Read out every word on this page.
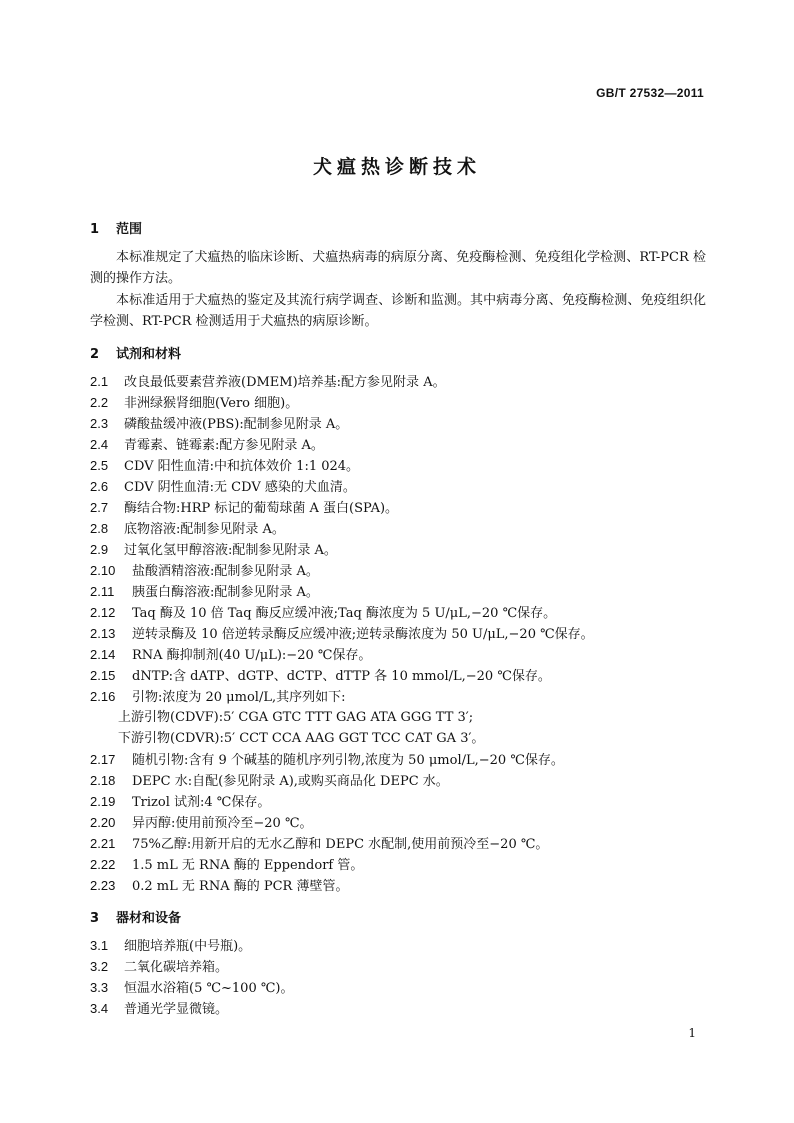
GB/T 27532—2011
犬瘟热诊断技术
1 范围
本标准规定了犬瘟热的临床诊断、犬瘟热病毒的病原分离、免疫酶检测、免疫组化学检测、RT-PCR 检测的操作方法。
本标准适用于犬瘟热的鉴定及其流行病学调查、诊断和监测。其中病毒分离、免疫酶检测、免疫组织化学检测、RT-PCR 检测适用于犬瘟热的病原诊断。
2 试剂和材料
2.1 改良最低要素营养液(DMEM)培养基:配方参见附录 A。
2.2 非洲绿猴肾细胞(Vero 细胞)。
2.3 磷酸盐缓冲液(PBS):配制参见附录 A。
2.4 青霉素、链霉素:配方参见附录 A。
2.5 CDV 阳性血清:中和抗体效价 1:1 024。
2.6 CDV 阴性血清:无 CDV 感染的犬血清。
2.7 酶结合物:HRP 标记的葡萄球菌 A 蛋白(SPA)。
2.8 底物溶液:配制参见附录 A。
2.9 过氧化氢甲醇溶液:配制参见附录 A。
2.10 盐酸酒精溶液:配制参见附录 A。
2.11 胰蛋白酶溶液:配制参见附录 A。
2.12 Taq 酶及 10 倍 Taq 酶反应缓冲液;Taq 酶浓度为 5 U/μL,−20 ℃保存。
2.13 逆转录酶及 10 倍逆转录酶反应缓冲液;逆转录酶浓度为 50 U/μL,−20 ℃保存。
2.14 RNA 酶抑制剂(40 U/μL):−20 ℃保存。
2.15 dNTP:含 dATP、dGTP、dCTP、dTTP 各 10 mmol/L,−20 ℃保存。
2.16 引物:浓度为 20 μmol/L,其序列如下:
上游引物(CDVF):5′ CGA GTC TTT GAG ATA GGG TT 3′;
下游引物(CDVR):5′ CCT CCA AAG GGT TCC CAT GA 3′。
2.17 随机引物:含有 9 个碱基的随机序列引物,浓度为 50 μmol/L,−20 ℃保存。
2.18 DEPC 水:自配(参见附录 A),或购买商品化 DEPC 水。
2.19 Trizol 试剂:4 ℃保存。
2.20 异丙醇:使用前预冷至−20 ℃。
2.21 75%乙醇:用新开启的无水乙醇和 DEPC 水配制,使用前预冷至−20 ℃。
2.22 1.5 mL 无 RNA 酶的 Eppendorf 管。
2.23 0.2 mL 无 RNA 酶的 PCR 薄壁管。
3 器材和设备
3.1 细胞培养瓶(中号瓶)。
3.2 二氧化碳培养箱。
3.3 恒温水浴箱(5 ℃~100 ℃)。
3.4 普通光学显微镜。
1
